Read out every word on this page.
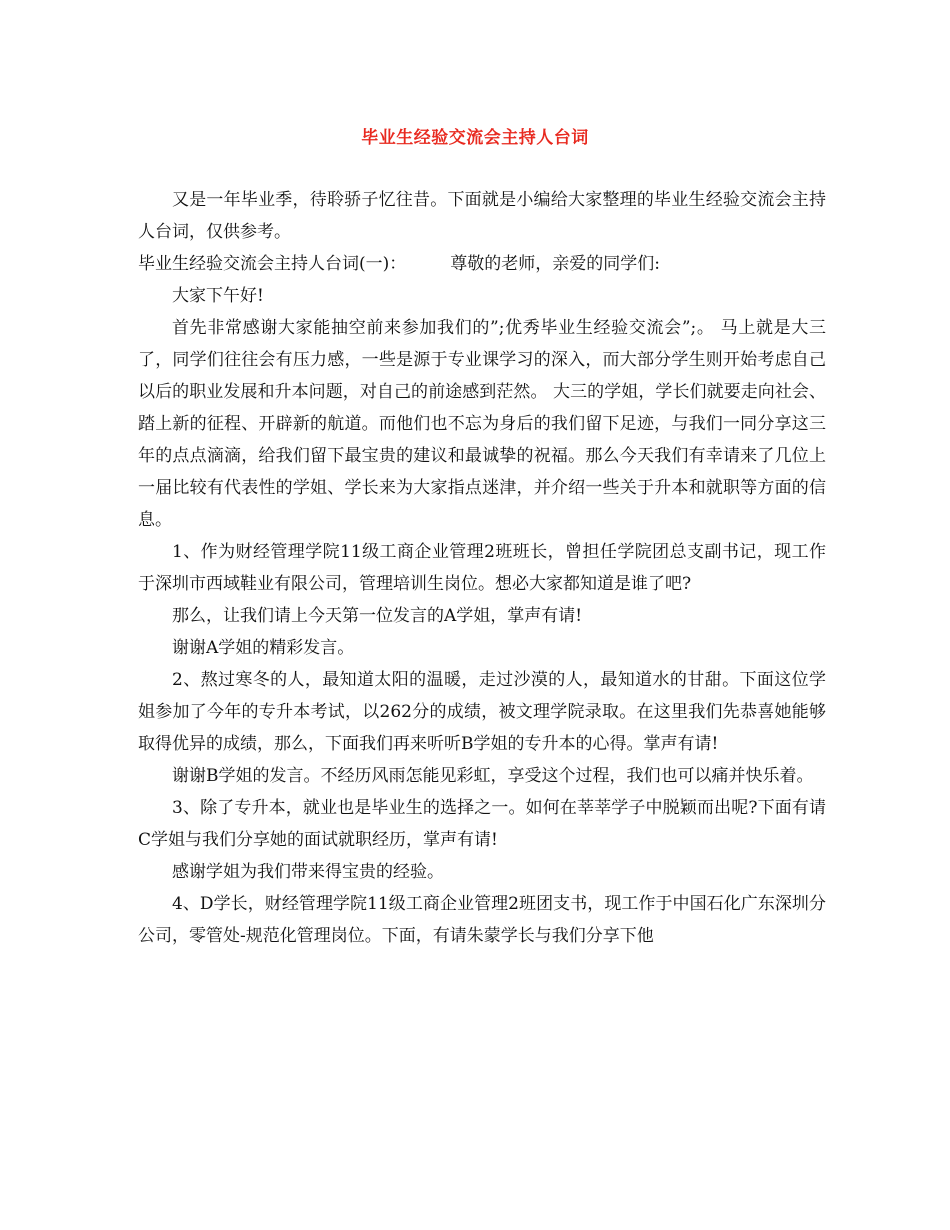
毕业生经验交流会主持人台词

又是一年毕业季，待聆骄子忆往昔。下面就是小编给大家整理的毕业生经验交流会主持人台词，仅供参考。

毕业生经验交流会主持人台词(一)：	尊敬的老师，亲爱的同学们:

大家下午好!

首先非常感谢大家能抽空前来参加我们的”;优秀毕业生经验交流会”;。 马上就是大三了，同学们往往会有压力感，一些是源于专业课学习的深入，而大部分学生则开始考虑自己以后的职业发展和升本问题，对自己的前途感到茫然。 大三的学姐，学长们就要走向社会、踏上新的征程、开辟新的航道。而他们也不忘为身后的我们留下足迹，与我们一同分享这三年的点点滴滴，给我们留下最宝贵的建议和最诚挚的祝福。那么今天我们有幸请来了几位上一届比较有代表性的学姐、学长来为大家指点迷津，并介绍一些关于升本和就职等方面的信息。

1、作为财经管理学院11级工商企业管理2班班长，曾担任学院团总支副书记，现工作于深圳市西域鞋业有限公司，管理培训生岗位。想必大家都知道是谁了吧?

那么，让我们请上今天第一位发言的A学姐，掌声有请!

谢谢A学姐的精彩发言。

2、熬过寒冬的人，最知道太阳的温暖，走过沙漠的人，最知道水的甘甜。下面这位学姐参加了今年的专升本考试，以262分的成绩，被文理学院录取。在这里我们先恭喜她能够取得优异的成绩，那么，下面我们再来听听B学姐的专升本的心得。掌声有请!

谢谢B学姐的发言。不经历风雨怎能见彩虹，享受这个过程，我们也可以痛并快乐着。

3、除了专升本，就业也是毕业生的选择之一。如何在莘莘学子中脱颖而出呢?下面有请C学姐与我们分享她的面试就职经历，掌声有请!

感谢学姐为我们带来得宝贵的经验。

4、D学长，财经管理学院11级工商企业管理2班团支书，现工作于中国石化广东深圳分公司，零管处-规范化管理岗位。下面，有请朱蒙学长与我们分享下他
